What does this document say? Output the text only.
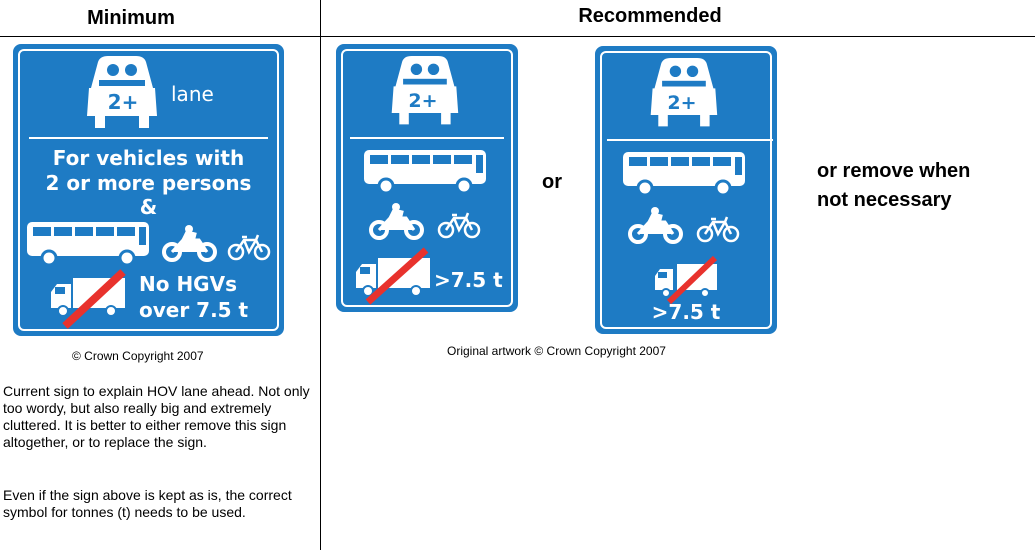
Minimum	Recommended
lane
2+
For vehicles with
2 or more persons
&
No HGVs
over 7.5 t
© Crown Copyright 2007
Current sign to explain HOV lane ahead. Not only too wordy, but also really big and extremely cluttered. It is better to either remove this sign altogether, or to replace the sign.
Even if the sign above is kept as is, the correct symbol for tonnes (t) needs to be used.
2+
>7.5 t
or
2+
>7.5 t
Original artwork © Crown Copyright 2007
or remove when
not necessary
